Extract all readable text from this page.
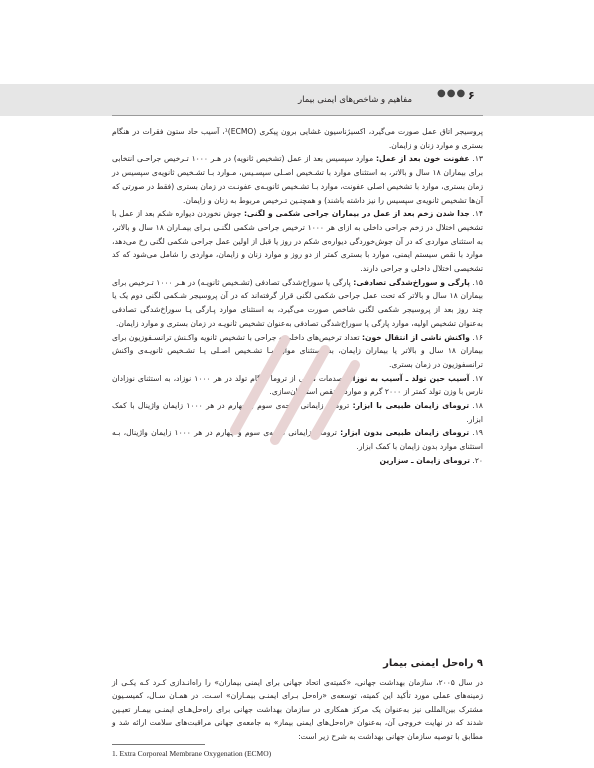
۶
●●●
مفاهیم و شاخص‌های ایمنی بیمار

پروسیجر اتاق عمل صورت می‌گیرد، اکسیژناسیون غشایی برون پیکری (ECMO)¹، آسیب حاد ستون فقرات در هنگام بستری و موارد زنان و زایمان.

۱۳. عفونت خون بعد از عمل: موارد سپسیس بعد از عمل (تشخیص ثانویه) در هـر ۱۰۰۰ تـرخیص جراحـی انتخابی برای بیماران ۱۸ سال و بالاتر، به استثنای موارد با تشـخیص اصـلی سپسـیس، مـوارد بـا تشـخیص ثانویه‌ی سپسیس در زمان بستری، موارد با تشخیص اصلی عفونت، موارد بـا تشـخیص ثانویـه‌ی عفونـت در زمان بستری (فقط در صورتی که آن‌ها تشخیص ثانویه‌ی سپسیس را نیز داشته باشند) و همچنـین تـرخیص مربوط به زنان و زایمان.

۱۴. جدا شدن زخم بعد از عمل در بیماران جراحی شکمی و لگنی: جوش نخوردن دیواره شکم بعد از عمل با تشخیص اختلال در زخم جراحی داخلی به ازای هر ۱۰۰۰ ترخیص جراحی شکمی لگنـی بـرای بیمـاران ۱۸ سال و بالاتر، به استثنای مواردی که در آن جوش‌خوردگی دیواره‌ی شکم در روز یا قبل از اولین عمل جراحی شکمی لگنی رخ می‌دهد، موارد با نقص سیستم ایمنی، موارد با بستری کمتر از دو روز و موارد زنان و زایمان، مواردی را شامل می‌شود که کد تشخیصی اختلال داخلی و جراحی دارند.

۱۵. پارگی و سوراخ‌شدگی تصادفی: پارگی یا سوراخ‌شدگی تصادفی (تشـخیص ثانویـه) در هـر ۱۰۰۰ تـرخیص برای بیماران ۱۸ سال و بالاتر که تحت عمل جراحی شکمی لگنی قرار گرفته‌اند که در آن پروسیجر شـکمی لگنی دوم یک یا چند روز بعد از پروسیجر شکمی لگنی شاخص صورت می‌گیرد، به استثنای موارد پـارگی یـا سوراخ‌شدگی تصادفی به‌عنوان تشخیص اولیه، موارد پارگی یا سوراخ‌شدگی تصادفی به‌عنوان تشخیص ثانویـه در زمان بستری و موارد زایمان.

۱۶. واکنش ناشی از انتقال خون: تعداد ترخیص‌های داخلی و جراحی با تشخیص ثانویه واکـنش ترانسـفوزیون برای بیماران ۱۸ سال و بالاتر یا بیماران زایمان، به استثنای موارد بـا تشـخیص اصـلی یـا تشـخیص ثانویـه‌ی واکنش ترانسفوزیون در زمان بستری.

۱۷. آسیب حین تولد ـ آسیب به نوزاد: صدمات ناشی از تروما هنگام تولد در هر ۱۰۰۰ نوزاد، به استثنای نوزادان نارس با وزن تولد کمتر از ۲۰۰۰ گرم و موارد با نقص استخوان‌سازی.

۱۸. ترومای زایمان طبیعی با ابزار: ترومای زایمانی درجه‌ی سوم و چهارم در هر ۱۰۰۰ زایمان واژینال با کمک ابزار.

۱۹. ترومای زایمان طبیعی بدون ابزار: ترومای زایمانی درجه‌ی سوم و چهارم در هر ۱۰۰۰ زایمان واژینال، بـه استثنای موارد بدون زایمان با کمک ابزار.

۲۰. ترومای زایمان ـ سزارین

۹ راه‌حل ایمنی بیمار
در سال ۲۰۰۵، سازمان بهداشت جهانی، «کمیته‌ی اتحاد جهانی برای ایمنی بیماران» را راه‌انـدازی کـرد کـه یکـی از زمینه‌های عملی مورد تأکید این کمیته، توسعه‌ی «راه‌حل بـرای ایمنـی بیمـاران» اسـت. در همـان سـال، کمیسـیون مشترک بین‌المللی نیز به‌عنوان یک مرکز همکاری در سازمان بهداشت جهانی برای راه‌حل‌هـای ایمنـی بیمـار تعیـین شدند که در نهایت خروجی آن، به‌عنوان «راه‌حل‌های ایمنی بیمار» به جامعه‌ی جهانی مراقبت‌های سلامت ارائه شد و مطابق با توصیه سازمان جهانی بهداشت به شرح زیر است:
1. Extra Corporeal Membrane Oxygenation (ECMO)
